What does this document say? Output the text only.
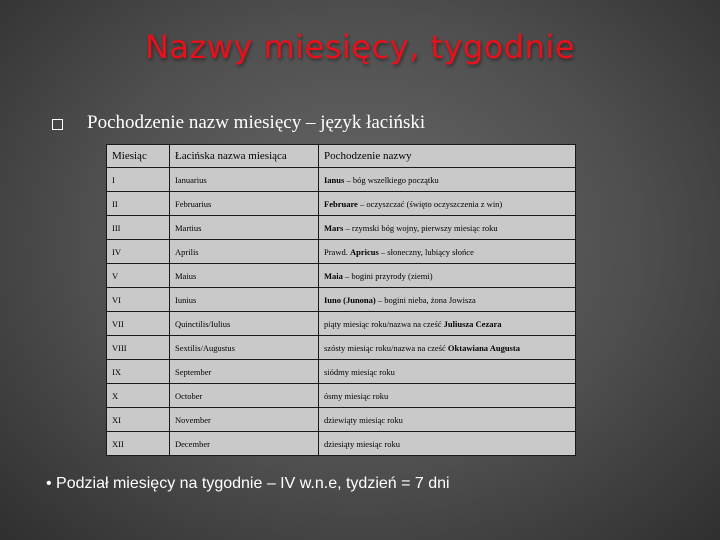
Nazwy miesięcy, tygodnie
Pochodzenie nazw miesięcy – język łaciński
Miesiąc	Łacińska nazwa miesiąca	Pochodzenie nazwy
I	Ianuarius	Ianus – bóg wszelkiego początku
II	Februarius	Februare – oczyszczać (święto oczyszczenia z win)
III	Martius	Mars – rzymski bóg wojny, pierwszy miesiąc roku
IV	Aprilis	Prawd. Apricus – słoneczny, lubiący słońce
V	Maius	Maia – bogini przyrody (ziemi)
VI	Iunius	Iuno (Junona) – bogini nieba, żona Jowisza
VII	Quinctilis/Iulius	piąty miesiąc roku/nazwa na cześć Juliusza Cezara
VIII	Sextilis/Augustus	szósty miesiąc roku/nazwa na cześć Oktawiana Augusta
IX	September	siódmy miesiąc roku
X	October	ósmy miesiąc roku
XI	November	dziewiąty miesiąc roku
XII	December	dziesiąty miesiąc roku
• Podział miesięcy na tygodnie – IV w.n.e, tydzień = 7 dni
